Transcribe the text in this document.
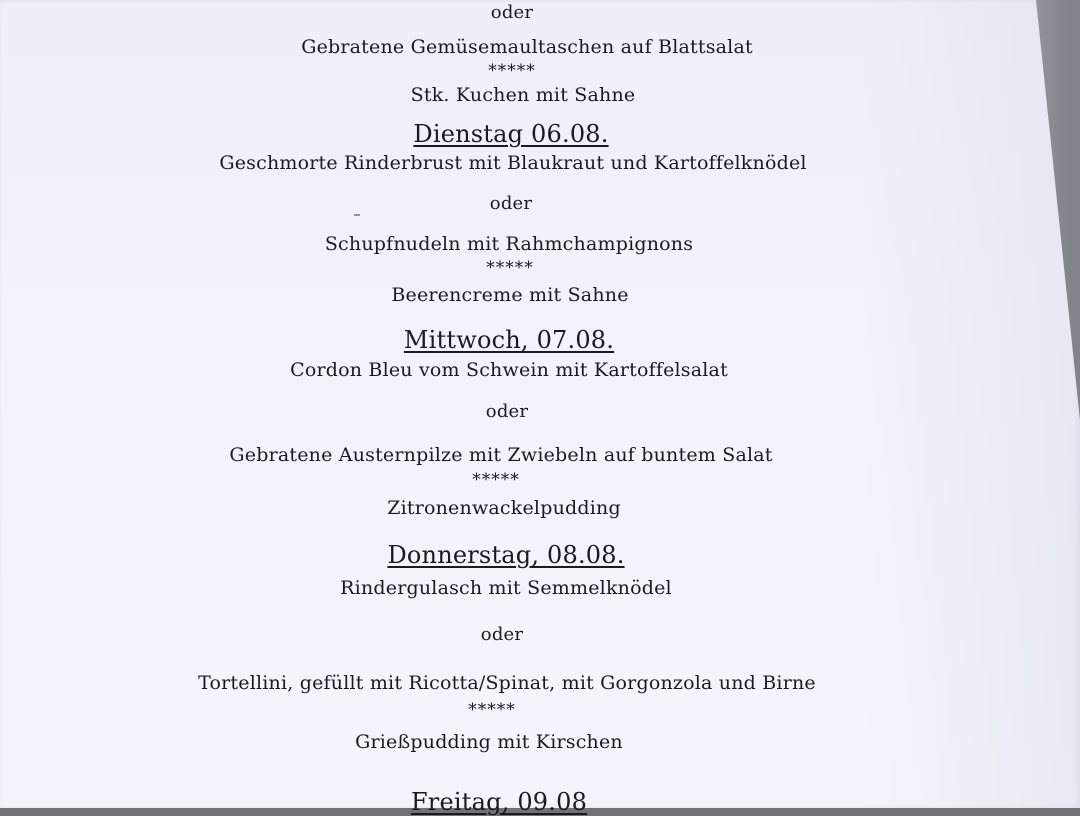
oder
Gebratene Gemüsemaultaschen auf Blattsalat
*****
Stk. Kuchen mit Sahne
Dienstag 06.08.
Geschmorte Rinderbrust mit Blaukraut und Kartoffelknödel
oder
Schupfnudeln mit Rahmchampignons
*****
Beerencreme mit Sahne
Mittwoch, 07.08.
Cordon Bleu vom Schwein mit Kartoffelsalat
oder
Gebratene Austernpilze mit Zwiebeln auf buntem Salat
*****
Zitronenwackelpudding
Donnerstag, 08.08.
Rindergulasch mit Semmelknödel
oder
Tortellini, gefüllt mit Ricotta/Spinat, mit Gorgonzola und Birne
*****
Grießpudding mit Kirschen
Freitag, 09.08
